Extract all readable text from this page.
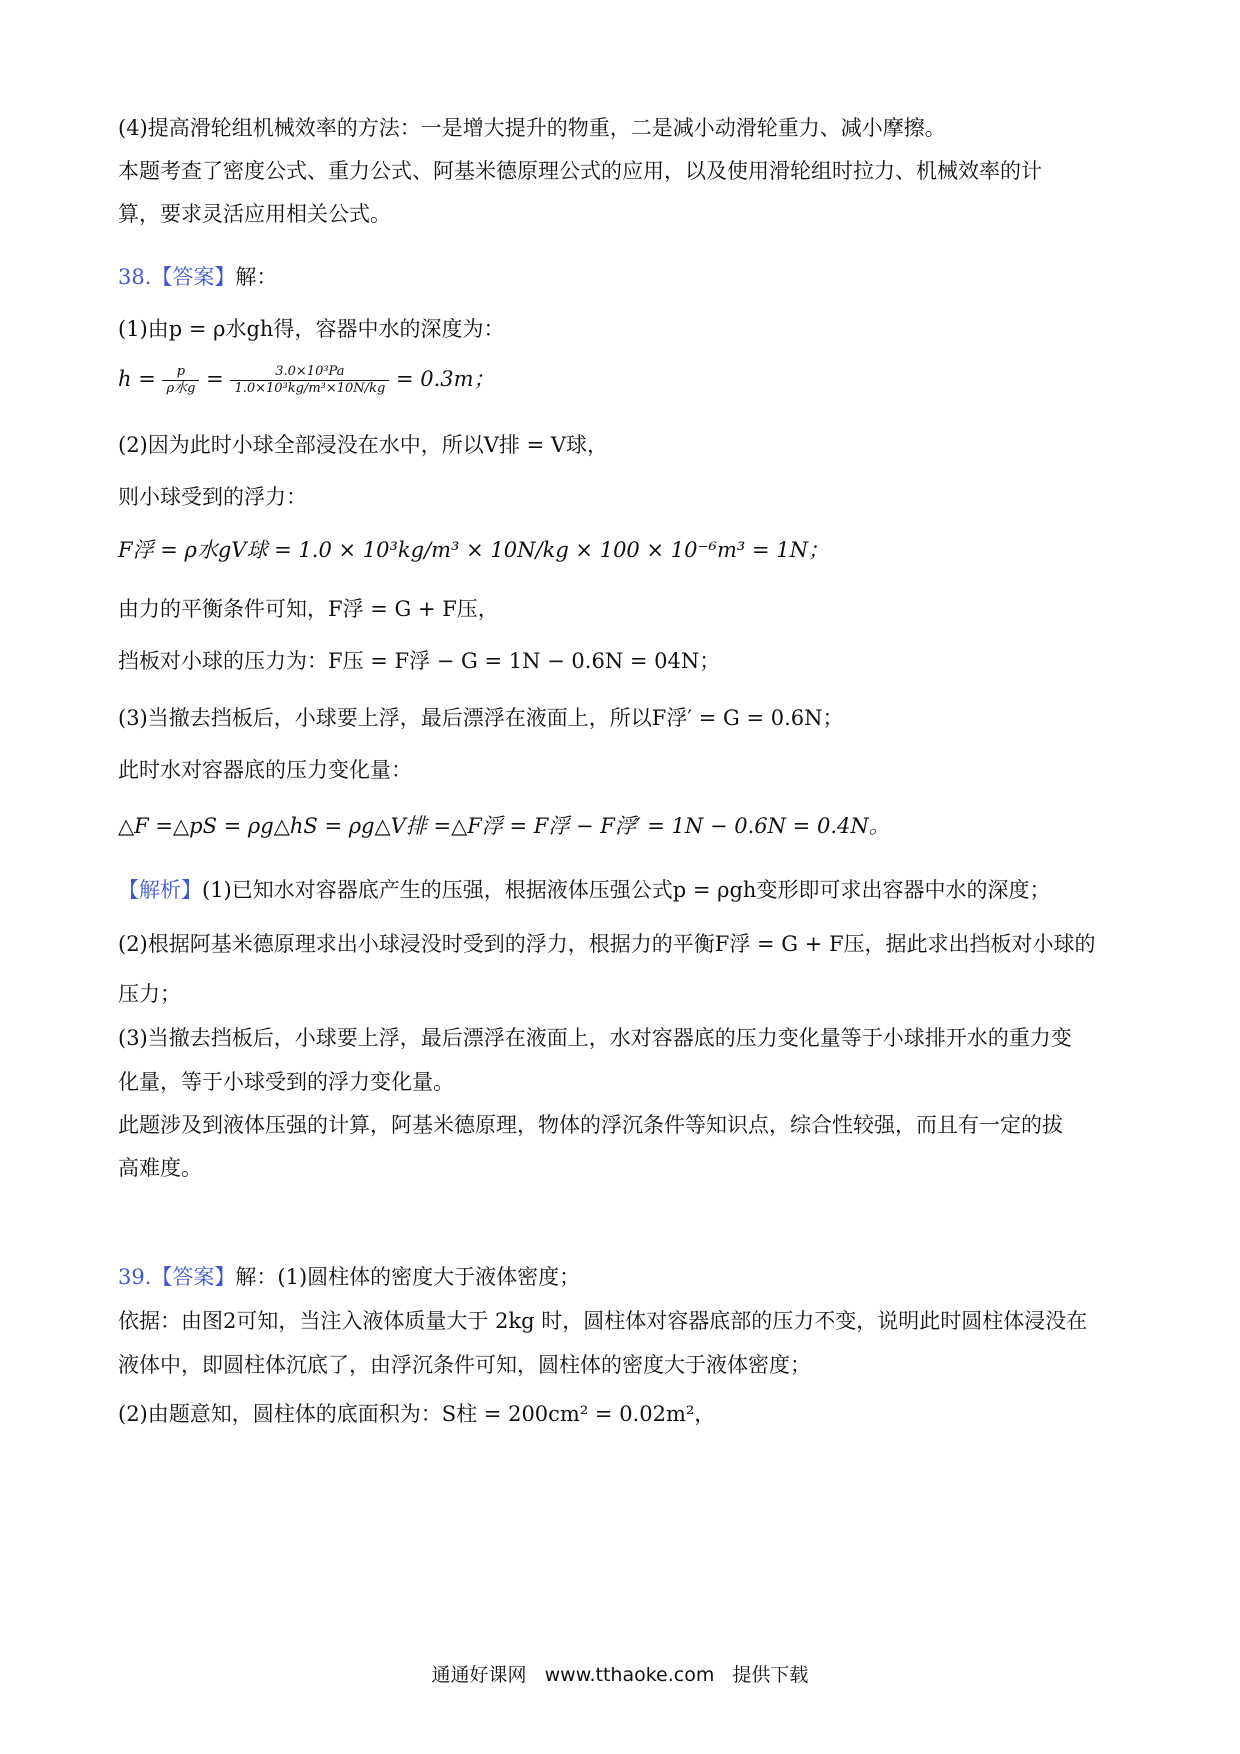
(4)提高滑轮组机械效率的方法：一是增大提升的物重，二是减小动滑轮重力、减小摩擦。
本题考查了密度公式、重力公式、阿基米德原理公式的应用，以及使用滑轮组时拉力、机械效率的计
算，要求灵活应用相关公式。
38.【答案】解：
(1)由p = ρ水gh得，容器中水的深度为：
$h = \frac{p}{\text{ρ水g}} = \frac{\text{3.0×10³Pa}}{\text{1.0×10³kg/m³×10N/kg}} = 0.3m$；
(2)因为此时小球全部浸没在水中，所以V排 = V球，
则小球受到的浮力：
F浮 = ρ水gV球 = 1.0 × 10³kg/m³ × 10N/kg × 100 × 10⁻⁶m³ = 1N；
由力的平衡条件可知，F浮 = G + F压，
挡板对小球的压力为：F压 = F浮 − G = 1N − 0.6N = 04N；
(3)当撤去挡板后，小球要上浮，最后漂浮在液面上，所以F浮′ = G = 0.6N；
此时水对容器底的压力变化量：
△F =△pS = ρg△hS = ρg△V排 =△F浮 = F浮 − F浮′ = 1N − 0.6N = 0.4N。
【解析】(1)已知水对容器底产生的压强，根据液体压强公式p = ρgh变形即可求出容器中水的深度；
(2)根据阿基米德原理求出小球浸没时受到的浮力，根据力的平衡F浮 = G + F压，据此求出挡板对小球的
压力；
(3)当撤去挡板后，小球要上浮，最后漂浮在液面上，水对容器底的压力变化量等于小球排开水的重力变
化量，等于小球受到的浮力变化量。
此题涉及到液体压强的计算，阿基米德原理，物体的浮沉条件等知识点，综合性较强，而且有一定的拔
高难度。
39.【答案】解：(1)圆柱体的密度大于液体密度；
依据：由图2可知，当注入液体质量大于 2kg 时，圆柱体对容器底部的压力不变，说明此时圆柱体浸没在
液体中，即圆柱体沉底了，由浮沉条件可知，圆柱体的密度大于液体密度；
(2)由题意知，圆柱体的底面积为：S柱 = 200cm² = 0.02m²，
通通好课网 www.tthaoke.com 提供下载
